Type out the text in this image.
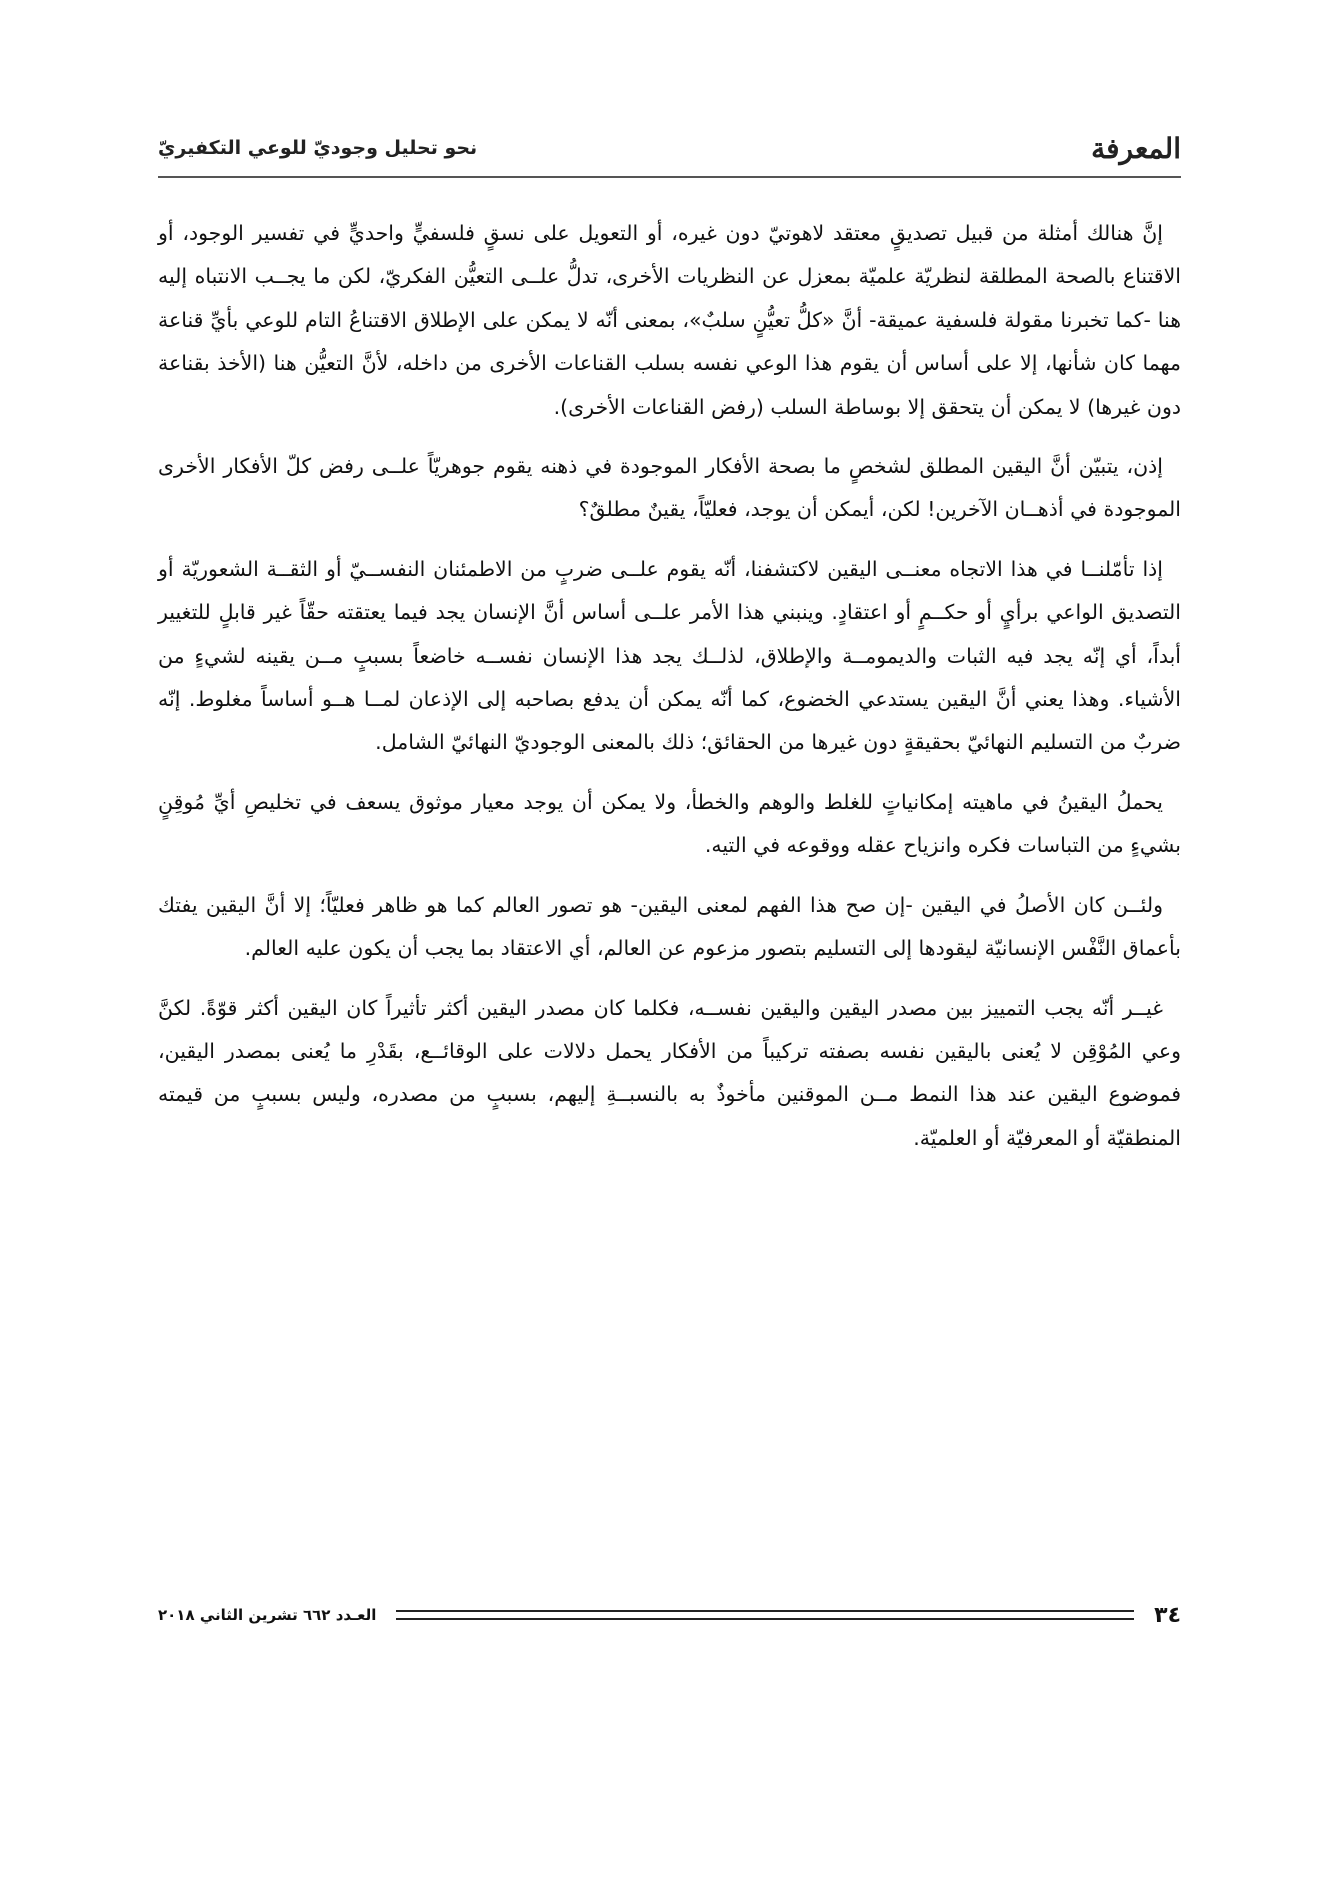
المعرفة
نحو تحليل وجوديّ للوعي التكفيريّ

إنَّ هنالك أمثلة من قبيل تصديقٍ معتقد لاهوتيّ دون غيره، أو التعويل على نسقٍ فلسفيٍّ واحديٍّ في تفسير الوجود، أو الاقتناع بالصحة المطلقة لنظريّة علميّة بمعزل عن النظريات الأخرى، تدلُّ علــى التعيُّن الفكريّ، لكن ما يجــب الانتباه إليه هنا -كما تخبرنا مقولة فلسفية عميقة- أنَّ «كلُّ تعيُّنٍ سلبٌ»، بمعنى أنّه لا يمكن على الإطلاق الاقتناعُ التام للوعي بأيِّ قناعة مهما كان شأنها، إلا على أساس أن يقوم هذا الوعي نفسه بسلب القناعات الأخرى من داخله، لأنَّ التعيُّن هنا (الأخذ بقناعة دون غيرها) لا يمكن أن يتحقق إلا بوساطة السلب (رفض القناعات الأخرى).

إذن، يتبيّن أنَّ اليقين المطلق لشخصٍ ما بصحة الأفكار الموجودة في ذهنه يقوم جوهريّاً علــى رفض كلّ الأفكار الأخرى الموجودة في أذهــان الآخرين! لكن، أيمكن أن يوجد، فعليّاً، يقينٌ مطلقٌ؟

إذا تأمّلنــا في هذا الاتجاه معنــى اليقين لاكتشفنا، أنّه يقوم علــى ضربٍ من الاطمئنان النفســيّ أو الثقــة الشعوريّة أو التصديق الواعي برأيٍ أو حكــمٍ أو اعتقادٍ. وينبني هذا الأمر علــى أساس أنَّ الإنسان يجد فيما يعتقته حقّاً غير قابلٍ للتغيير أبداً، أي إنّه يجد فيه الثبات والديمومــة والإطلاق، لذلــك يجد هذا الإنسان نفســه خاضعاً بسببٍ مــن يقينه لشيءٍ من الأشياء. وهذا يعني أنَّ اليقين يستدعي الخضوع، كما أنّه يمكن أن يدفع بصاحبه إلى الإذعان لمــا هــو أساساً مغلوط. إنّه ضربٌ من التسليم النهائيّ بحقيقةٍ دون غيرها من الحقائق؛ ذلك بالمعنى الوجوديّ النهائيّ الشامل.

يحملُ اليقينُ في ماهيته إمكانياتٍ للغلط والوهم والخطأ، ولا يمكن أن يوجد معيار موثوق يسعف في تخليصِ أيِّ مُوقِنٍ بشيءٍ من التباسات فكره وانزياح عقله ووقوعه في التيه.

ولئــن كان الأصلُ في اليقين -إن صح هذا الفهم لمعنى اليقين- هو تصور العالم كما هو ظاهر فعليّاً؛ إلا أنَّ اليقين يفتك بأعماق النَّفْس الإنسانيّة ليقودها إلى التسليم بتصور مزعوم عن العالم، أي الاعتقاد بما يجب أن يكون عليه العالم.

غيــر أنّه يجب التمييز بين مصدر اليقين واليقين نفســه، فكلما كان مصدر اليقين أكثر تأثيراً كان اليقين أكثر قوّةً. لكنَّ وعي المُوْقِن لا يُعنى باليقين نفسه بصفته تركيباً من الأفكار يحمل دلالات على الوقائــع، بقَدْرِ ما يُعنى بمصدر اليقين، فموضوع اليقين عند هذا النمط مــن الموقنين مأخوذٌ به بالنسبــةِ إليهم، بسببٍ من مصدره، وليس بسببٍ من قيمته المنطقيّة أو المعرفيّة أو العلميّة.

٣٤
العـدد ٦٦٢ تشرين الثاني ٢٠١٨
